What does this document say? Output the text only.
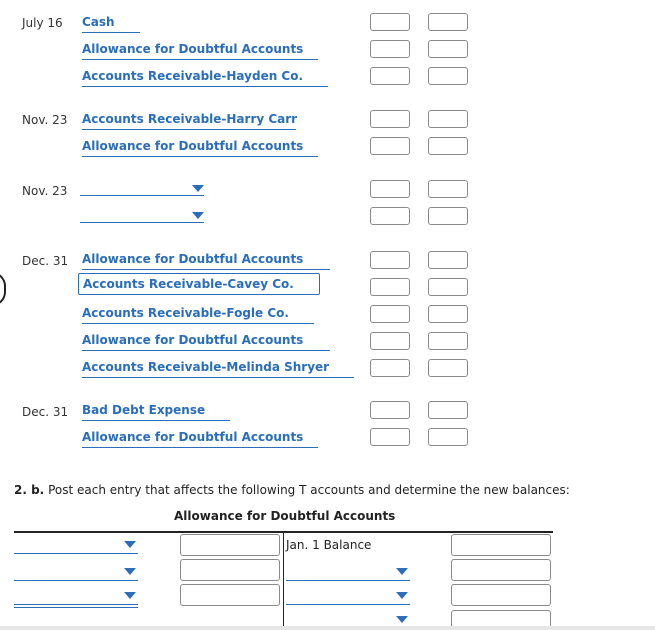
July 16 Cash
Allowance for Doubtful Accounts
Accounts Receivable-Hayden Co.
Nov. 23 Accounts Receivable-Harry Carr
Allowance for Doubtful Accounts
Nov. 23
Dec. 31 Allowance for Doubtful Accounts
Accounts Receivable-Cavey Co.
Accounts Receivable-Fogle Co.
Allowance for Doubtful Accounts
Accounts Receivable-Melinda Shryer
Dec. 31 Bad Debt Expense
Allowance for Doubtful Accounts
2. b. Post each entry that affects the following T accounts and determine the new balances:
Allowance for Doubtful Accounts
Jan. 1 Balance
